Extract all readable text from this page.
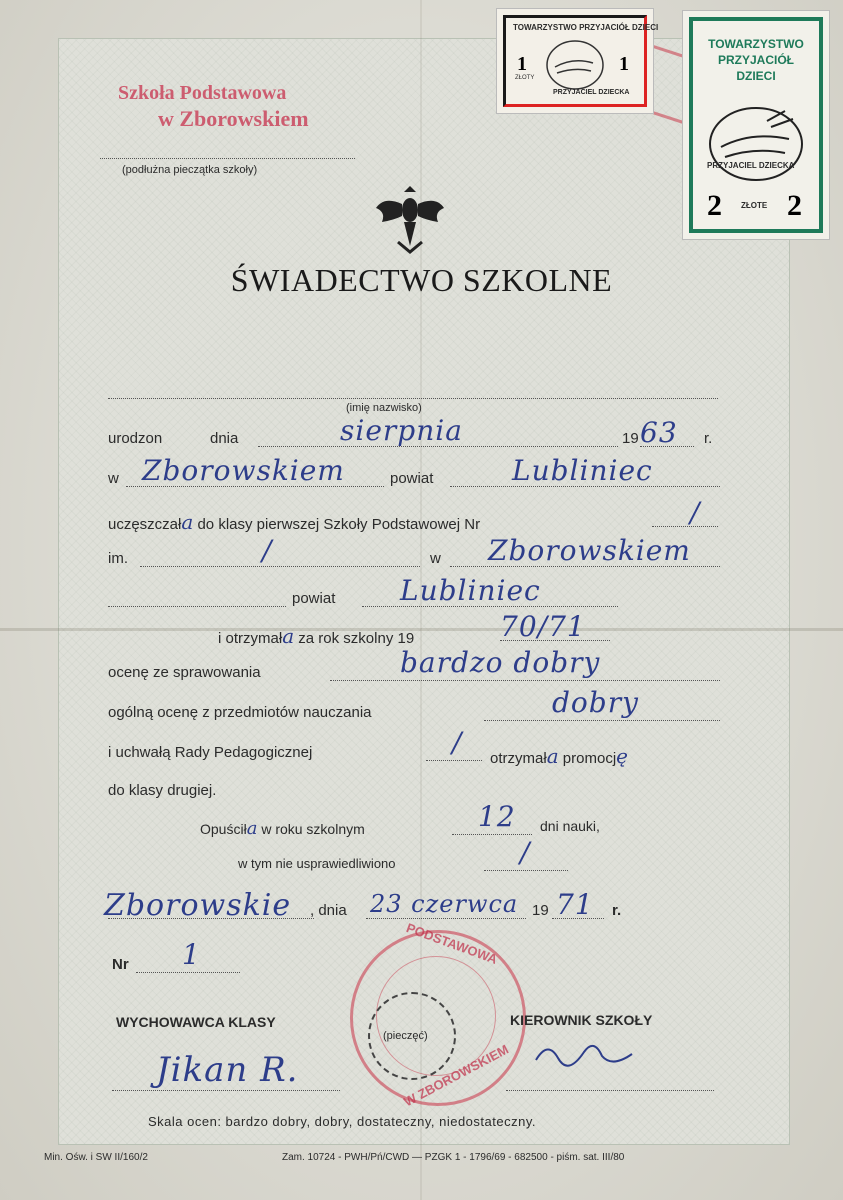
Szkoła Podstawowa
w Zborowskiem
(podłużna pieczątka szkoły)
TOWARZYSTWO PRZYJACIÓŁ DZIECI
1	1
ZŁOTY
PRZYJACIEL DZIECKA
TOWARZYSTWO
PRZYJACIÓŁ
DZIECI
PRZYJACIEL DZIECKA
2 ZŁOTE 2
ŚWIADECTWO SZKOLNE
(imię nazwisko)
urodzon	dnia	sierpnia	19 63 r.
w Zborowskiem	powiat	Lubliniec
uczęszczała do klasy pierwszej Szkoły Podstawowej Nr	/
im.	/	w Zborowskiem
powiat Lubliniec
i otrzymała za rok szkolny 19	70/71
ocenę ze sprawowania	bardzo dobry
ogólną ocenę z przedmiotów nauczania	dobry
i uchwałą Rady Pedagogicznej	/ otrzymała promocję
do klasy drugiej.
Opuściła w roku szkolnym	12 dni nauki,
w tym nie usprawiedliwiono	/
Zborowskie , dnia 23 czerwca 19 71 r.
Nr 1	PODSTAWOWA
W ZBOROWSKIEM
WYCHOWAWCA KLASY	KIEROWNIK SZKOŁY
(pieczęć)
Jikan R.
Skala ocen: bardzo dobry, dobry, dostateczny, niedostateczny.
Min. Ośw. i SW II/160/2	Zam. 10724 - PWH/Pń/CWD — PZGK 1 - 1796/69 - 682500 - piśm. sat. III/80
